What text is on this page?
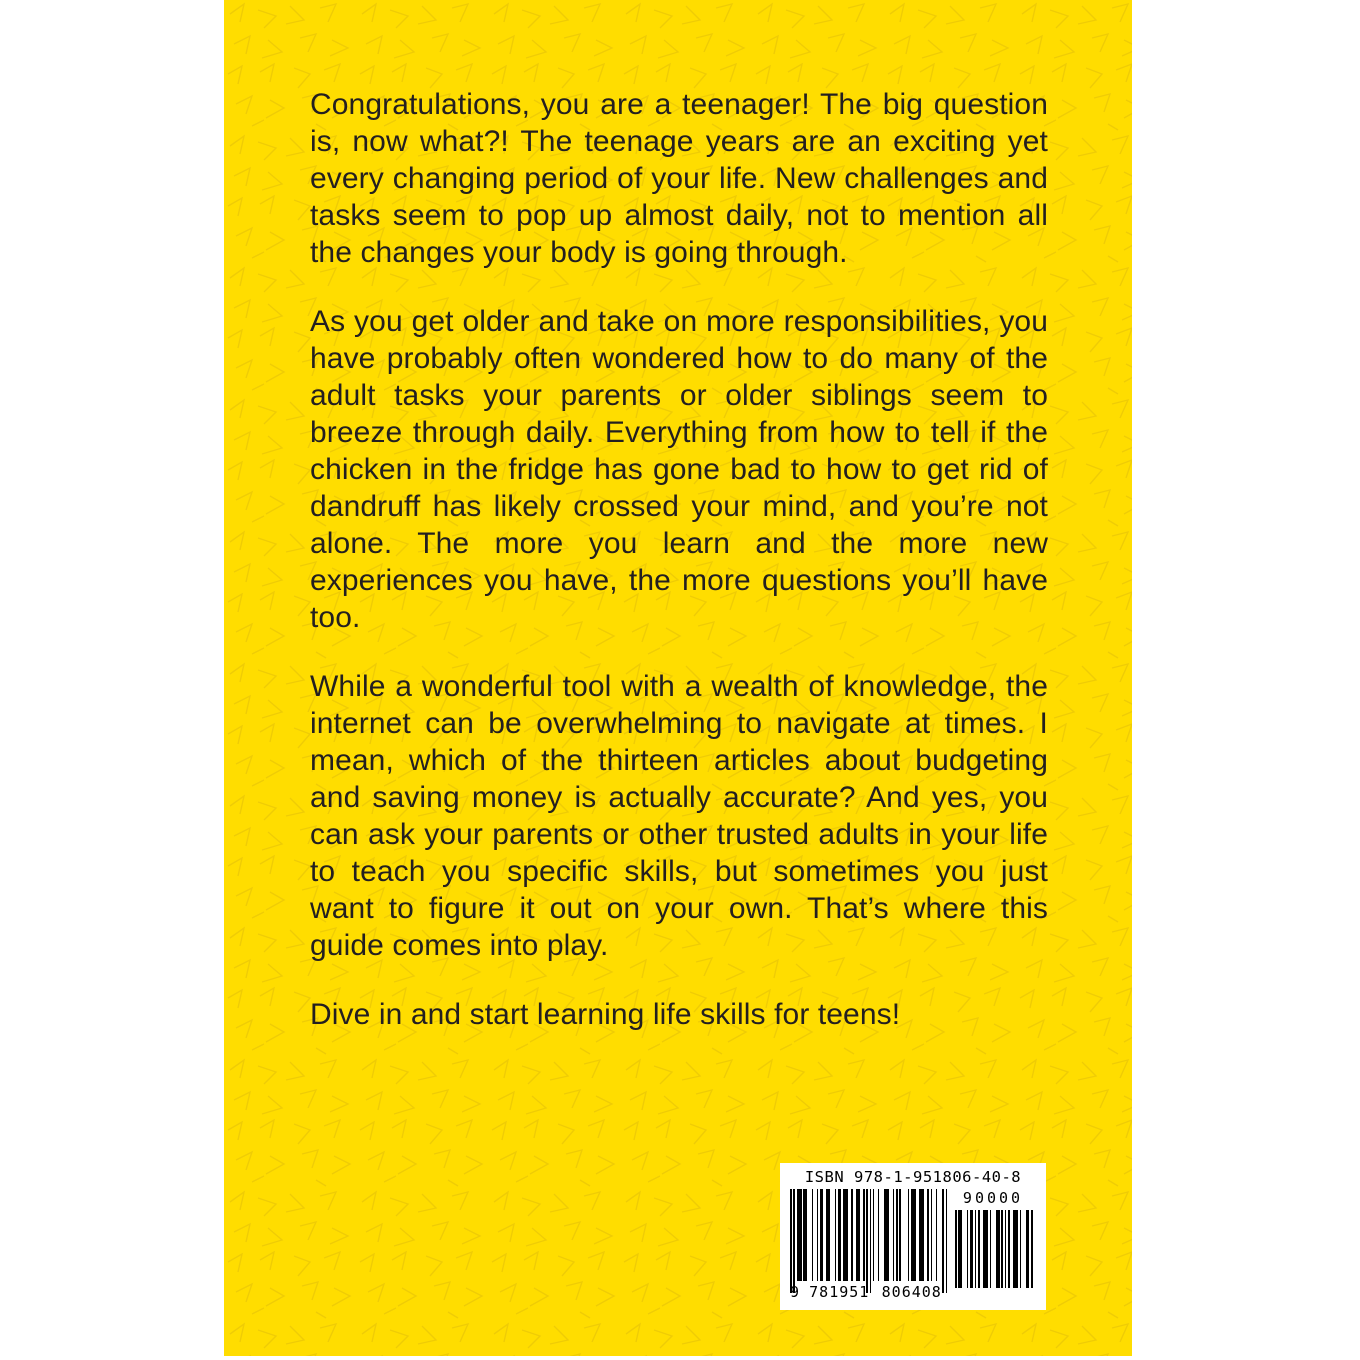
Congratulations, you are a teenager! The big question is, now what?! The teenage years are an exciting yet every changing period of your life. New challenges and tasks seem to pop up almost daily, not to mention all the changes your body is going through.

As you get older and take on more responsibilities, you have probably often wondered how to do many of the adult tasks your parents or older siblings seem to breeze through daily. Everything from how to tell if the chicken in the fridge has gone bad to how to get rid of dandruff has likely crossed your mind, and you’re not alone. The more you learn and the more new experiences you have, the more questions you’ll have too.

While a wonderful tool with a wealth of knowledge, the internet can be overwhelming to navigate at times. I mean, which of the thirteen articles about budgeting and saving money is actually accurate? And yes, you can ask your parents or other trusted adults in your life to teach you specific skills, but sometimes you just want to figure it out on your own. That’s where this guide comes into play.

Dive in and start learning life skills for teens!

ISBN 978-1-951806-40-8
9 781951 806408
90000
